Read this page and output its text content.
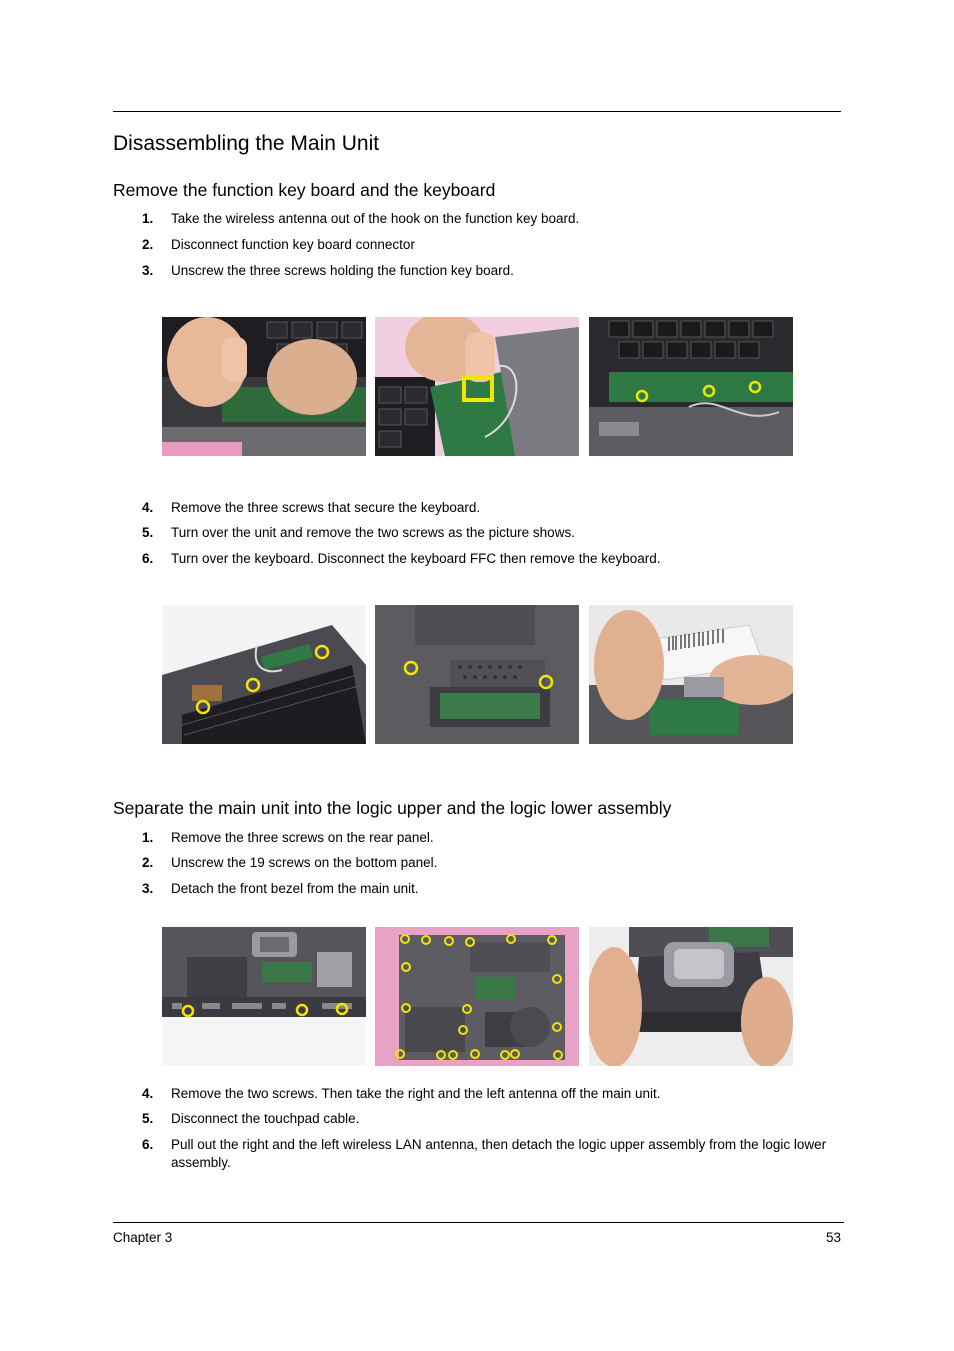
Disassembling the Main Unit
Remove the function key board and the keyboard
1. Take the wireless antenna out of the hook on the function key board.
2. Disconnect function key board connector
3. Unscrew the three screws holding the function key board.
4. Remove the three screws that secure the keyboard.
5. Turn over the unit and remove the two screws as the picture shows.
6. Turn over the keyboard. Disconnect the keyboard FFC then remove the keyboard.
Separate the main unit into the logic upper and the logic lower assembly
1. Remove the three screws on the rear panel.
2. Unscrew the 19 screws on the bottom panel.
3. Detach the front bezel from the main unit.
4. Remove the two screws. Then take the right and the left antenna off the main unit.
5. Disconnect the touchpad cable.
6. Pull out the right and the left wireless LAN antenna, then detach the logic upper assembly from the logic lower assembly.
Chapter 3	53
